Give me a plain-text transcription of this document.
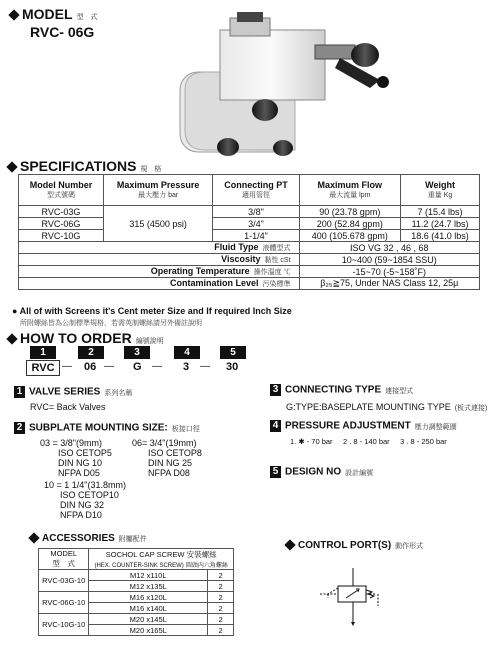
MODEL 型　式
RVC- 06G
SPECIFICATIONS 規　格
Model Number
型式號碼	Maximum Pressure
最大壓力 bar	Connecting PT
適用管徑	Maximum Flow
最大流量 lpm	Weight
重量 Kg

RVC-03G	315 (4500 psi)	3/8"	90 (23.78 gpm)	7 (15.4 lbs)
RVC-06G		3/4"	200 (52.84 gpm)	11.2 (24.7 lbs)
RVC-10G		1-1/4"	400 (105.678 gpm)	18.6 (41.0 lbs)
Fluid Type 液體型式			ISO VG 32 , 46 , 68	
Viscosity 黏性 cSt			10~400 (59~1854 SSU)	
Operating Temperature 操作溫度 ℃			-15~70 (-5~158˚F)	
Contamination Level 污染標準			β₂₅≧75, Under NAS Class 12, 25μ	
● All of with Screens it's Cent meter Size and If required Inch Size
所附螺絲皆為公制標準規格，若需英制螺絲請另外備註說明
HOW TO ORDER 編號說明
1	2	3	4	5
RVC — 06 — G — 3 — 30
1 VALVE SERIES 系列名稱
RVC= Back Valves
2 SUBPLATE MOUNTING SIZE: 板接口徑
03 = 3/8"(9mm)
ISO CETOP5
DIN NG 10
NFPA D05
06= 3/4"(19mm)
ISO CETOP8
DIN NG 25
NFPA D08
10 = 1 1/4"(31.8mm)
ISO CETOP10
DIN NG 32
NFPA D10
3 CONNECTING TYPE 連接型式
G:TYPE:BASEPLATE MOUNTING TYPE (板式連接)
4 PRESSURE ADJUSTMENT 壓力調整範圍
1. ✱ - 70 bar     2 . 8 - 140 bar     3 . 8 - 250 bar
5 DESIGN NO 設計編號
ACCESSORIES 附屬配件
MODEL
型　式	SOCHOL CAP SCREW 安裝螺絲
(HEX. COUNTER-SINK SCREW) 圓頭內六角螺絲	
RVC-03G-10	M12 x110L	2
	M12 x135L	2
RVC-06G-10	M16 x120L	2
	M16 x140L	2
RVC-10G-10	M20 x145L	2
	M20 x165L	2
CONTROL PORT(S) 動作形式
